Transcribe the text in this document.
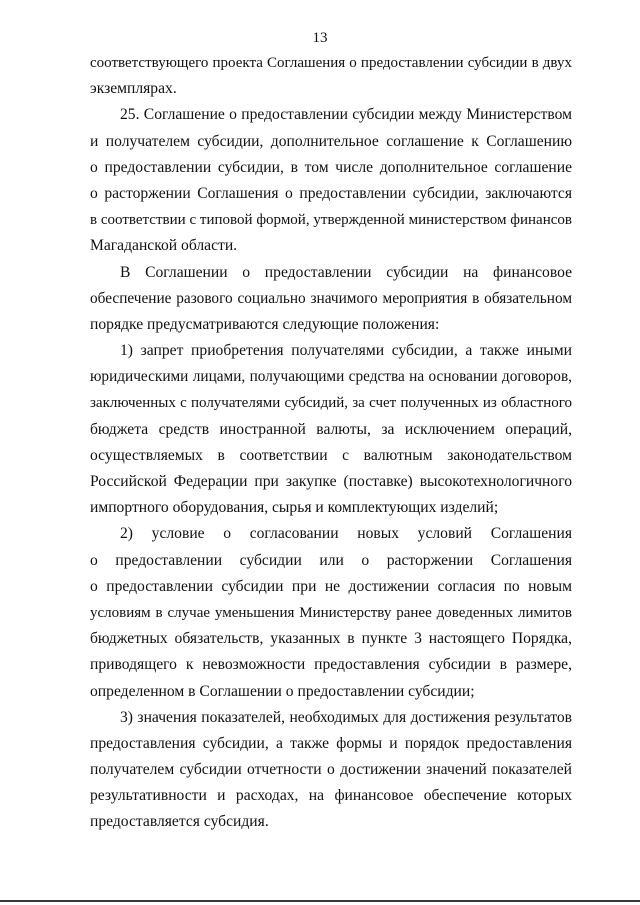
13
соответствующего проекта Соглашения о предоставлении субсидии в двух
экземплярах.
25. Соглашение о предоставлении субсидии между Министерством
и получателем субсидии, дополнительное соглашение к Соглашению
о предоставлении субсидии, в том числе дополнительное соглашение
о расторжении Соглашения о предоставлении субсидии, заключаются
в соответствии с типовой формой, утвержденной министерством финансов
Магаданской области.
В Соглашении о предоставлении субсидии на финансовое
обеспечение разового социально значимого мероприятия в обязательном
порядке предусматриваются следующие положения:
1) запрет приобретения получателями субсидии, а также иными
юридическими лицами, получающими средства на основании договоров,
заключенных с получателями субсидий, за счет полученных из областного
бюджета средств иностранной валюты, за исключением операций,
осуществляемых в соответствии с валютным законодательством
Российской Федерации при закупке (поставке) высокотехнологичного
импортного оборудования, сырья и комплектующих изделий;
2) условие о согласовании новых условий Соглашения
о предоставлении субсидии или о расторжении Соглашения
о предоставлении субсидии при не достижении согласия по новым
условиям в случае уменьшения Министерству ранее доведенных лимитов
бюджетных обязательств, указанных в пункте 3 настоящего Порядка,
приводящего к невозможности предоставления субсидии в размере,
определенном в Соглашении о предоставлении субсидии;
3) значения показателей, необходимых для достижения результатов
предоставления субсидии, а также формы и порядок предоставления
получателем субсидии отчетности о достижении значений показателей
результативности и расходах, на финансовое обеспечение которых
предоставляется субсидия.
